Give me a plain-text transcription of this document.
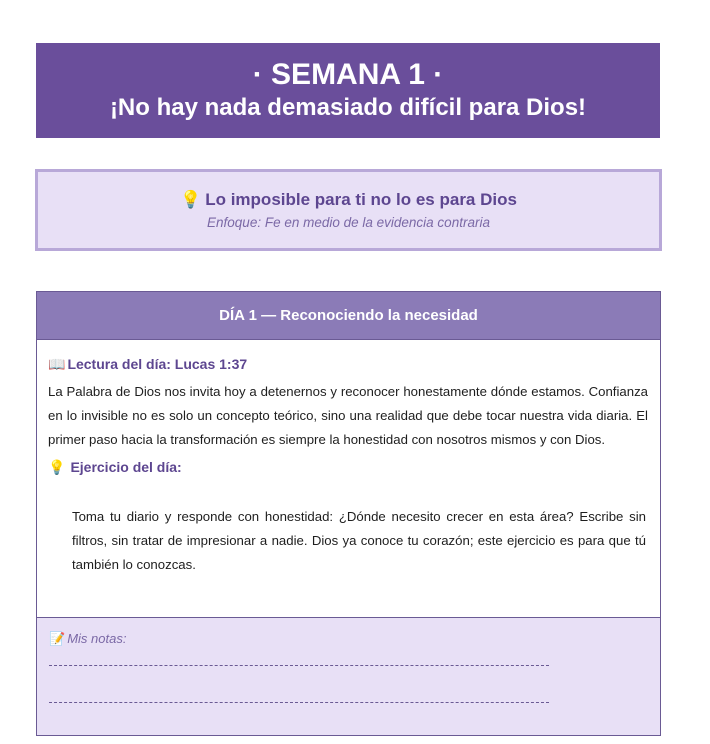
· SEMANA 1 ·
¡No hay nada demasiado difícil para Dios!
💡 Lo imposible para ti no lo es para Dios
Enfoque: Fe en medio de la evidencia contraria
DÍA 1 — Reconociendo la necesidad
📖 Lectura del día: Lucas 1:37
La Palabra de Dios nos invita hoy a detenernos y reconocer honestamente dónde estamos. Confianza en lo invisible no es solo un concepto teórico, sino una realidad que debe tocar nuestra vida diaria. El primer paso hacia la transformación es siempre la honestidad con nosotros mismos y con Dios.
💡 Ejercicio del día:
Toma tu diario y responde con honestidad: ¿Dónde necesito crecer en esta área? Escribe sin filtros, sin tratar de impresionar a nadie. Dios ya conoce tu corazón; este ejercicio es para que tú también lo conozcas.
📝 Mis notas:
